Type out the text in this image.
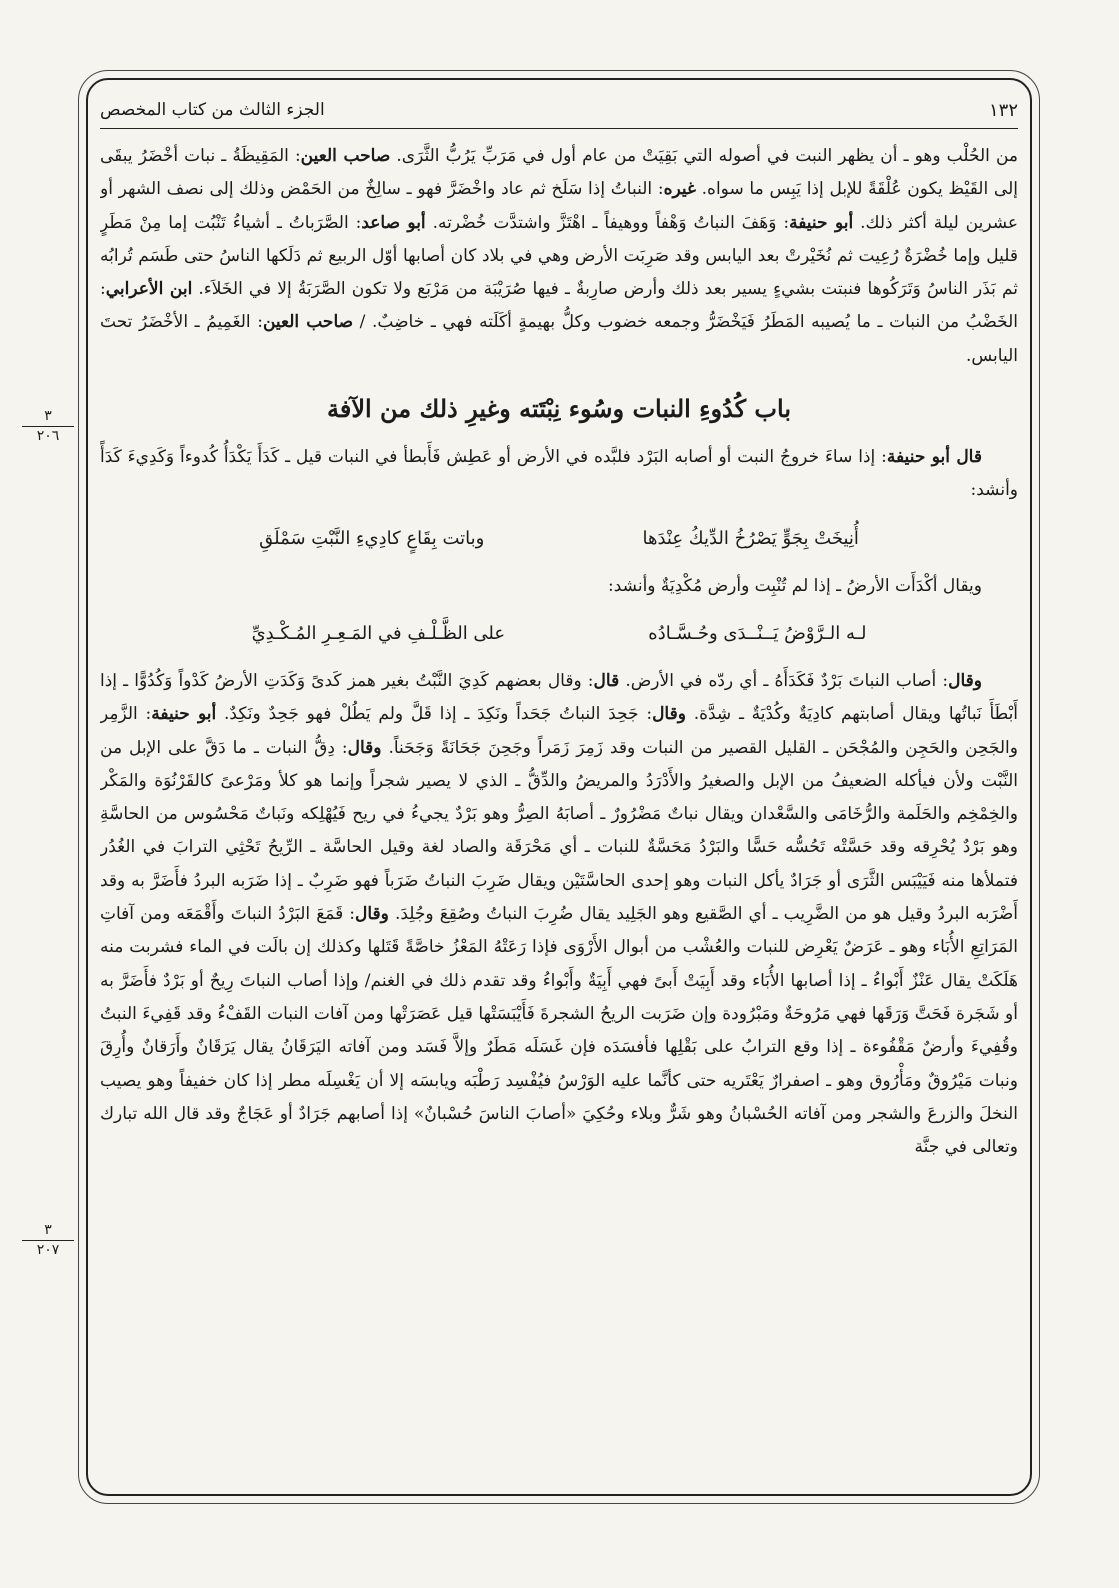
١٣٢
الجزء الثالث من كتاب المخصص
٣
٢٠٦
٣
٢٠٧

من الحُلْب وهو ـ أن يظهر النبت في أصوله التي بَقِيَتْ من عام أول في مَرَبِّ يَرُبُّ الثَّرَى. صاحب العين: المَقِيظَةُ ـ نبات أخْضَرُ يبقَى إلى القَيْظ يكون عُلْقَةً للإبل إذا يَبِس ما سواه. غيره: النباتُ إذا سَلَخ ثم عاد واخْضَرَّ فهو ـ سالِخٌ من الحَمْض وذلك إلى نصف الشهر أو عشرين ليلة أكثر ذلك. أبو حنيفة: وَهَفَ النباتُ وَهْفاً ووهيفاً ـ اهْتَزَّ واشتدَّت خُضْرته. أبو صاعد: الصَّرَباتُ ـ أشياءُ تَنْبُت إما مِنْ مَطَرٍ قليل وإما خُضْرَةٌ رُعِيت ثم نُخَيْرتْ بعد اليابس وقد صَرِبَت الأرض وهي في بلاد كان أصابها أوّل الربيع ثم دَلَكها الناسُ حتى طَسَم تُرابُه ثم بَذَر الناسُ وَتَرَكُوها فنبتت بشيءٍ يسير بعد ذلك وأرض صارِبةٌ ـ فيها صُرَيْبَة من مَرْبَع ولا تكون الصَّرَبَةُ إلا في الخَلاَء. ابن الأعرابي: الخَضْبُ من النبات ـ ما يُصيبه المَطَرُ فَيَخْضَرُّ وجمعه خضوب وكلُّ بهيمةٍ أكَلَته فهي ـ خاضِبٌ. / صاحب العين: الغَمِيمُ ـ الأخْضَرُ تحتَ اليابس.

باب كُدُوءِ النبات وسُوء نِبْتَته وغيرِ ذلك من الآفة

قال أبو حنيفة: إذا ساءَ خروجُ النبت أو أصابه البَرْد فلبَّده في الأرض أو عَطِش فَأَبطأ في النبات قيل ـ كَدَأَ يَكْدَأُ كُدوءاً وَكَدِيءَ كَدَأً وأنشد:

أُنِيخَتْ بِجَوٍّ يَصْرُخُ الدِّيكُ عِنْدَها
وباتت بِقَاعٍ كادِيءِ النَّبْتِ سَمْلَقِ

ويقال أكْدَأَت الأرضُ ـ إذا لم تُنْبِت وأرض مُكْدِيَةٌ وأنشد:

لـه الـرَّوْضُ يَــنْــدَى وحُـسَّـادُه
على الظَّـلْـفِ في المَـعِـرِ المُـكْـدِيِّ

وقال: أصاب النباتَ بَرْدٌ فَكَدَأَهُ ـ أي ردّه في الأرض. قال: وقال بعضهم كَدِيَ النَّبْتُ بغير همز كَدىً وَكَدَتِ الأرضُ كَدْواً وَكُدُوًّا ـ إذا أَبْطَأَ نَباتُها ويقال أصابتهم كادِيَةٌ وكُدْيَةٌ ـ شِدَّة. وقال: جَحِدَ النباتُ جَحَداً ونَكِدَ ـ إذا قَلَّ ولم يَطُلْ فهو جَحِدٌ ونَكِدٌ. أبو حنيفة: الزَّمِر والجَحِن والحَجِن والمُجْحَن ـ القليل القصير من النبات وقد زَمِرَ زَمَراً وجَحِنَ جَحَانَةً وَجَحَناً. وقال: دِقُّ النبات ـ ما دَقَّ على الإبل من النَّبْت ولأن فيأكله الضعيفُ من الإبل والصغيرُ والأَدْرَدُ والمريضُ والدِّقُّ ـ الذي لا يصير شجراً وإنما هو كلأ ومَرْعىً كالقَرْنُوَة والمَكْر والخِمْخِم والحَلَمة والرُّخَامَى والسَّعْدان ويقال نباتٌ مَضْرُورٌ ـ أصابَهُ الصِرُّ وهو بَرْدٌ يجيءُ في ريح فَيُهْلِكه ونَباتٌ مَحْسُوس من الحاسَّةِ وهو بَرْدٌ يُحْرِقه وقد حَسَّتْه تَحُسُّه حَسًّا والبَرْدُ مَحَسَّةٌ للنبات ـ أي مَحْرَقَة والصاد لغة وقيل الحاسَّة ـ الرِّيحُ تَحْثِي الترابَ في الغُدُر فتملأها منه فَيَيْبَس الثَّرَى أو جَرَادٌ يأكل النبات وهو إحدى الحاسَّتَيْن ويقال ضَرِبَ النباتُ ضَرَباً فهو ضَرِبٌ ـ إذا ضَرَبه البردُ فأَضَرَّ به وقد أَضْرَبه البردُ وقيل هو من الضَّرِيب ـ أي الصَّقيع وهو الجَلِيد يقال ضُرِبَ النباتُ وصُقِعَ وجُلِدَ. وقال: قَمَعَ البَرْدُ النباتَ وأَقْمَعَه ومن آفاتِ المَرَاتِعِ الأُبَاء وهو ـ عَرَضٌ يَعْرِض للنبات والعُشْب من أبوال الأَرْوَى فإذا رَعَتْهُ المَعْزُ خاصَّةً قَتَلها وكذلك إن بالَت في الماء فشربت منه هَلَكَتْ يقال عَنْزٌ أَبْواءُ ـ إذا أصابها الأُبَاء وقد أَبِيَتْ أَبىً فهي أَبِيَةٌ وأَبْواءُ وقد تقدم ذلك في الغنم/ وإذا أصاب النباتَ رِيحٌ أو بَرْدٌ فأَضَرَّ به أو شَجَرة فَحَتَّ وَرَقَها فهي مَرُوحَةٌ ومَبْرُودة وإن ضَرَبت الريحُ الشجرةَ فَأَيْبَسَتْها قيل عَصَرَتْها ومن آفات النبات القَفْءُ وقد قَفِيءَ النبتُ وقُفِيءَ وأرضٌ مَقْفُوءة ـ إذا وقع الترابُ على بَقْلِها فأفسَدَه فإن غَسَلَه مَطَرٌ وإلاَّ فَسَد ومن آفاته اليَرَقَانُ يقال يَرَقَانٌ وأَرَقانٌ وأُرِقَ ونبات مَيْرُوقٌ ومَأْرُوق وهو ـ اصفرارٌ يَعْتَريه حتى كأنَّما عليه الوَرْسُ فيُفْسِد رَطْبَه ويابسَه إلا أن يَغْسِلَه مطر إذا كان خفيفاً وهو يصيب النخلَ والزرعَ والشجر ومن آفاته الحُسْبانُ وهو شَرٌّ وبلاء وحُكِيَ «أصابَ الناسَ حُسْبانٌ» إذا أصابهم جَرَادٌ أو عَجَاجٌ وقد قال الله تبارك وتعالى في جنَّة
